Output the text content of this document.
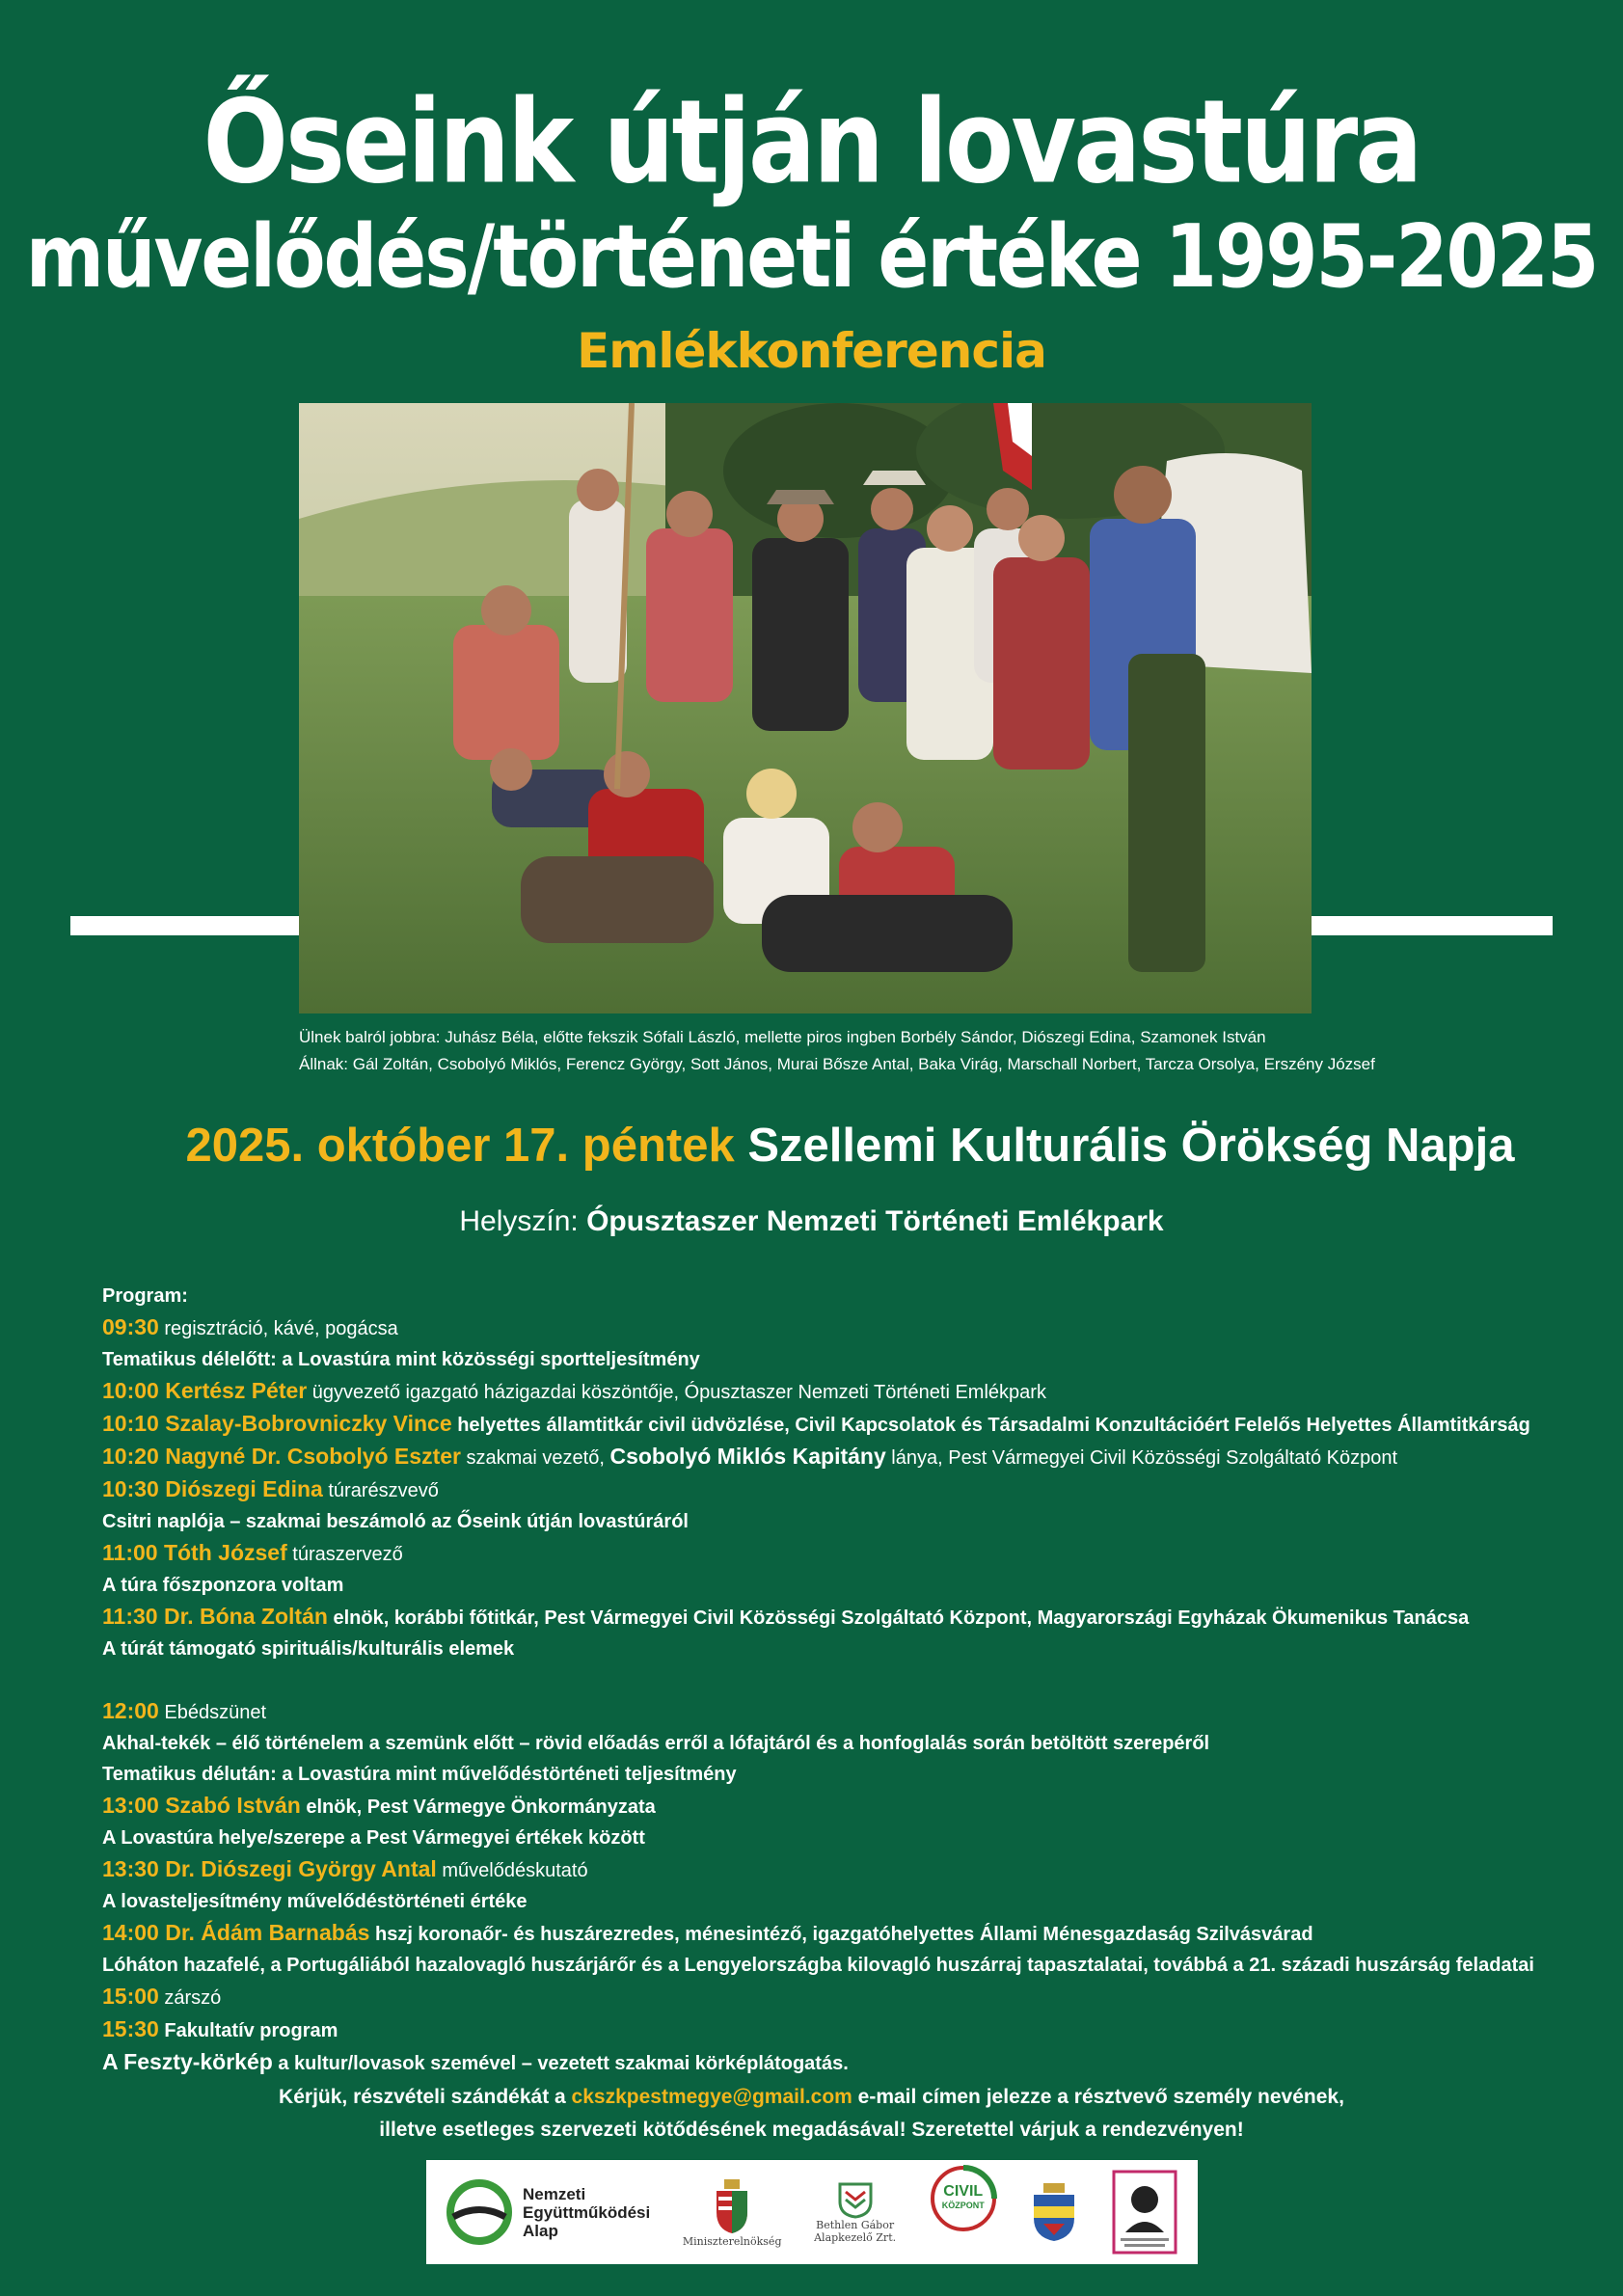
Őseink útján lovastúra
művelődés/történeti értéke 1995-2025
Emlékkonferencia
Ülnek balról jobbra: Juhász Béla, előtte fekszik Sófali László, mellette piros ingben Borbély Sándor, Diószegi Edina, Szamonek István
Állnak: Gál Zoltán, Csobolyó Miklós, Ferencz György, Sott János, Murai Bősze Antal, Baka Virág, Marschall Norbert, Tarcza Orsolya, Erszény József
2025. október 17. péntek Szellemi Kulturális Örökség Napja
Helyszín: Ópusztaszer Nemzeti Történeti Emlékpark
Program:
09:30 regisztráció, kávé, pogácsa
Tematikus délelőtt: a Lovastúra mint közösségi sportteljesítmény
10:00 Kertész Péter ügyvezető igazgató házigazdai köszöntője, Ópusztaszer Nemzeti Történeti Emlékpark
10:10 Szalay-Bobrovniczky Vince helyettes államtitkár civil üdvözlése, Civil Kapcsolatok és Társadalmi Konzultációért Felelős Helyettes Államtitkárság
10:20 Nagyné Dr. Csobolyó Eszter szakmai vezető, Csobolyó Miklós Kapitány lánya, Pest Vármegyei Civil Közösségi Szolgáltató Központ
10:30 Diószegi Edina túrarészvevő
Csitri naplója – szakmai beszámoló az Őseink útján lovastúráról
11:00 Tóth József túraszervező
A túra főszponzora voltam
11:30 Dr. Bóna Zoltán elnök, korábbi főtitkár, Pest Vármegyei Civil Közösségi Szolgáltató Központ, Magyarországi Egyházak Ökumenikus Tanácsa
A túrát támogató spirituális/kulturális elemek
12:00 Ebédszünet
Akhal-tekék – élő történelem a szemünk előtt – rövid előadás erről a lófajtáról és a honfoglalás során betöltött szerepéről
Tematikus délután: a Lovastúra mint művelődéstörténeti teljesítmény
13:00 Szabó István elnök, Pest Vármegye Önkormányzata
A Lovastúra helye/szerepe a Pest Vármegyei értékek között
13:30 Dr. Diószegi György Antal művelődéskutató
A lovasteljesítmény művelődéstörténeti értéke
14:00 Dr. Ádám Barnabás hszj koronaőr- és huszárezredes, ménesintéző, igazgatóhelyettes Állami Ménesgazdaság Szilvásvárad
Lóháton hazafelé, a Portugáliából hazalovagló huszárjárőr és a Lengyelországba kilovagló huszárraj tapasztalatai, továbbá a 21. századi huszárság feladatai
15:00 zárszó
15:30 Fakultatív program
A Feszty-körkép a kultur/lovasok szemével – vezetett szakmai körképlátogatás.
Kérjük, részvételi szándékát a ckszkpestmegye@gmail.com e-mail címen jelezze a résztvevő személy nevének,
illetve esetleges szervezeti kötődésének megadásával! Szeretettel várjuk a rendezvényen!
Nemzeti
Együttműködési
Alap
Miniszterelnökség
Bethlen Gábor
Alapkezelő Zrt.
CIVIL
KÖZPONT
